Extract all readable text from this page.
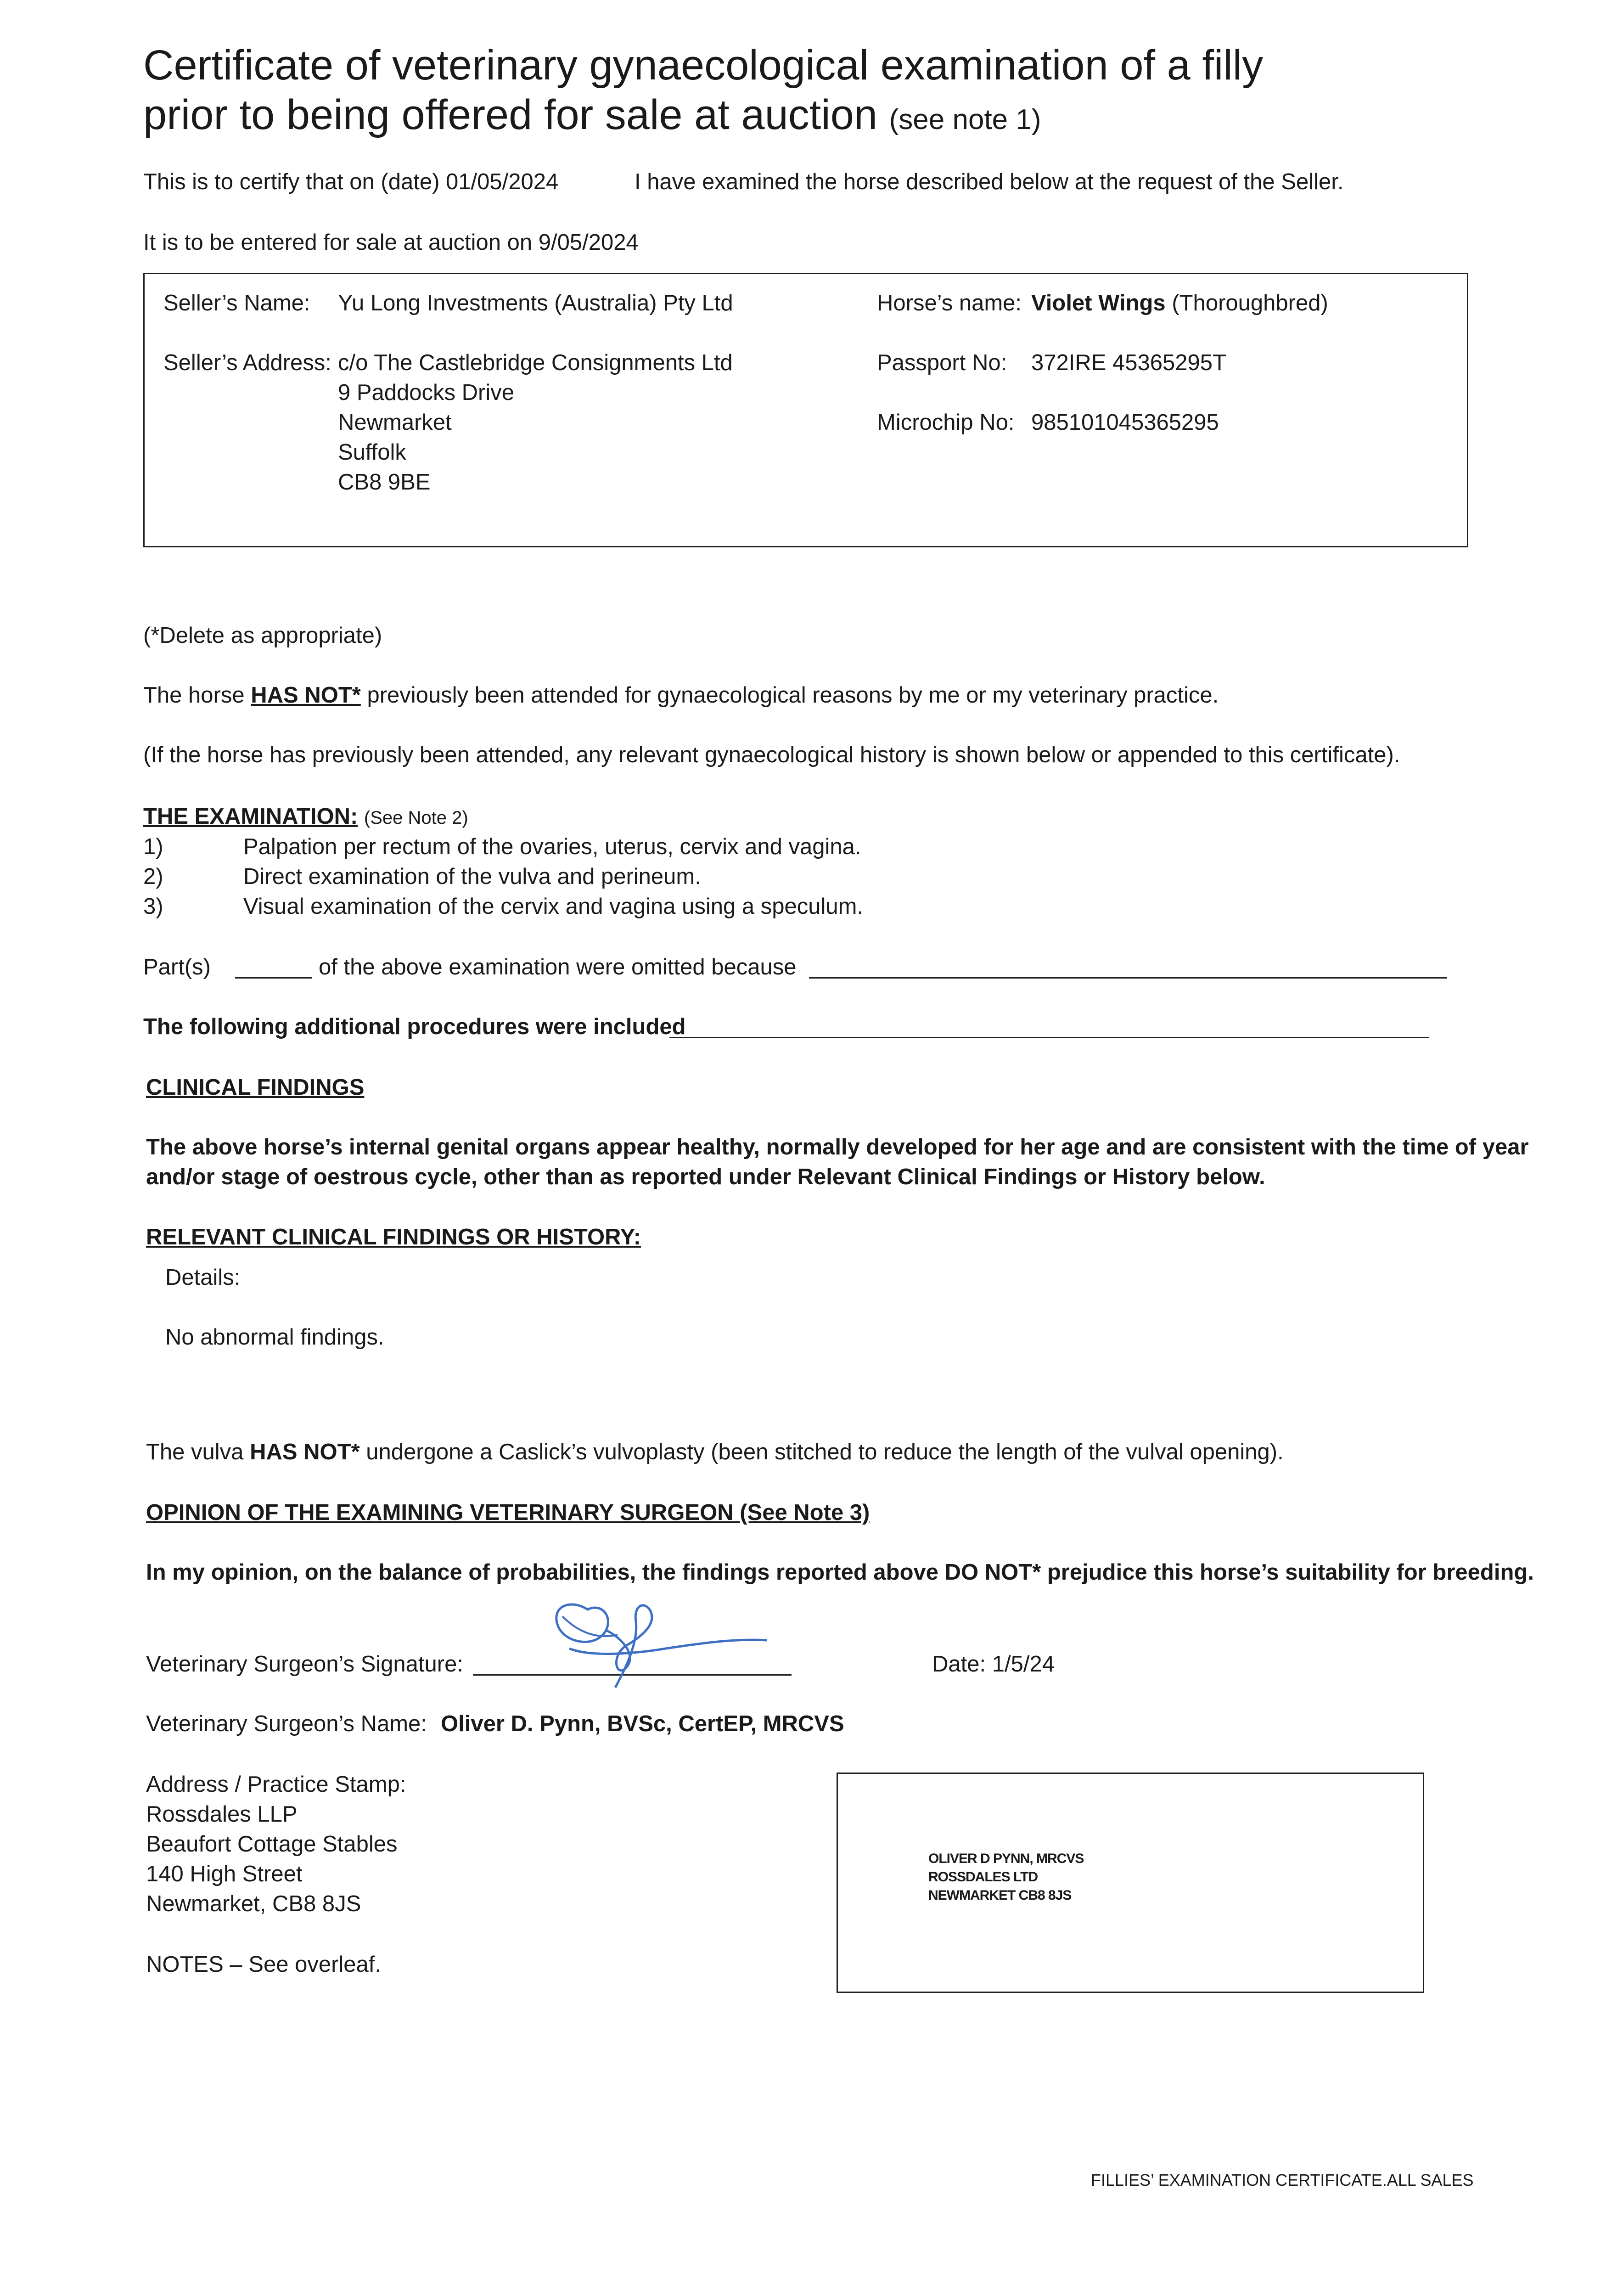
Certificate of veterinary gynaecological examination of a filly
prior to being offered for sale at auction (see note 1)
This is to certify that on (date) 01/05/2024	I have examined the horse described below at the request of the Seller.
It is to be entered for sale at auction on 9/05/2024
Seller’s Name: Yu Long Investments (Australia) Pty Ltd
Seller’s Address: c/o The Castlebridge Consignments Ltd
9 Paddocks Drive
Newmarket
Suffolk
CB8 9BE
Horse’s name: Violet Wings (Thoroughbred)
Passport No: 372IRE 45365295T
Microchip No: 985101045365295
(*Delete as appropriate)
The horse HAS NOT* previously been attended for gynaecological reasons by me or my veterinary practice.
(If the horse has previously been attended, any relevant gynaecological history is shown below or appended to this certificate).
THE EXAMINATION: (See Note 2)
1)	Palpation per rectum of the ovaries, uterus, cervix and vagina.
2)	Direct examination of the vulva and perineum.
3)	Visual examination of the cervix and vagina using a speculum.
Part(s)	of the above examination were omitted because
The following additional procedures were included
CLINICAL FINDINGS
The above horse’s internal genital organs appear healthy, normally developed for her age and are consistent with the time of year
and/or stage of oestrous cycle, other than as reported under Relevant Clinical Findings or History below.
RELEVANT CLINICAL FINDINGS OR HISTORY:
Details:
No abnormal findings.
The vulva HAS NOT* undergone a Caslick’s vulvoplasty (been stitched to reduce the length of the vulval opening).
OPINION OF THE EXAMINING VETERINARY SURGEON (See Note 3)
In my opinion, on the balance of probabilities, the findings reported above DO NOT* prejudice this horse’s suitability for breeding.
Veterinary Surgeon’s Signature:	Date: 1/5/24
Veterinary Surgeon’s Name: Oliver D. Pynn, BVSc, CertEP, MRCVS
Address / Practice Stamp:
Rossdales LLP
Beaufort Cottage Stables
140 High Street
Newmarket, CB8 8JS
OLIVER D PYNN, MRCVS
ROSSDALES LTD
NEWMARKET CB8 8JS
NOTES – See overleaf.
FILLIES’ EXAMINATION CERTIFICATE.ALL SALES
